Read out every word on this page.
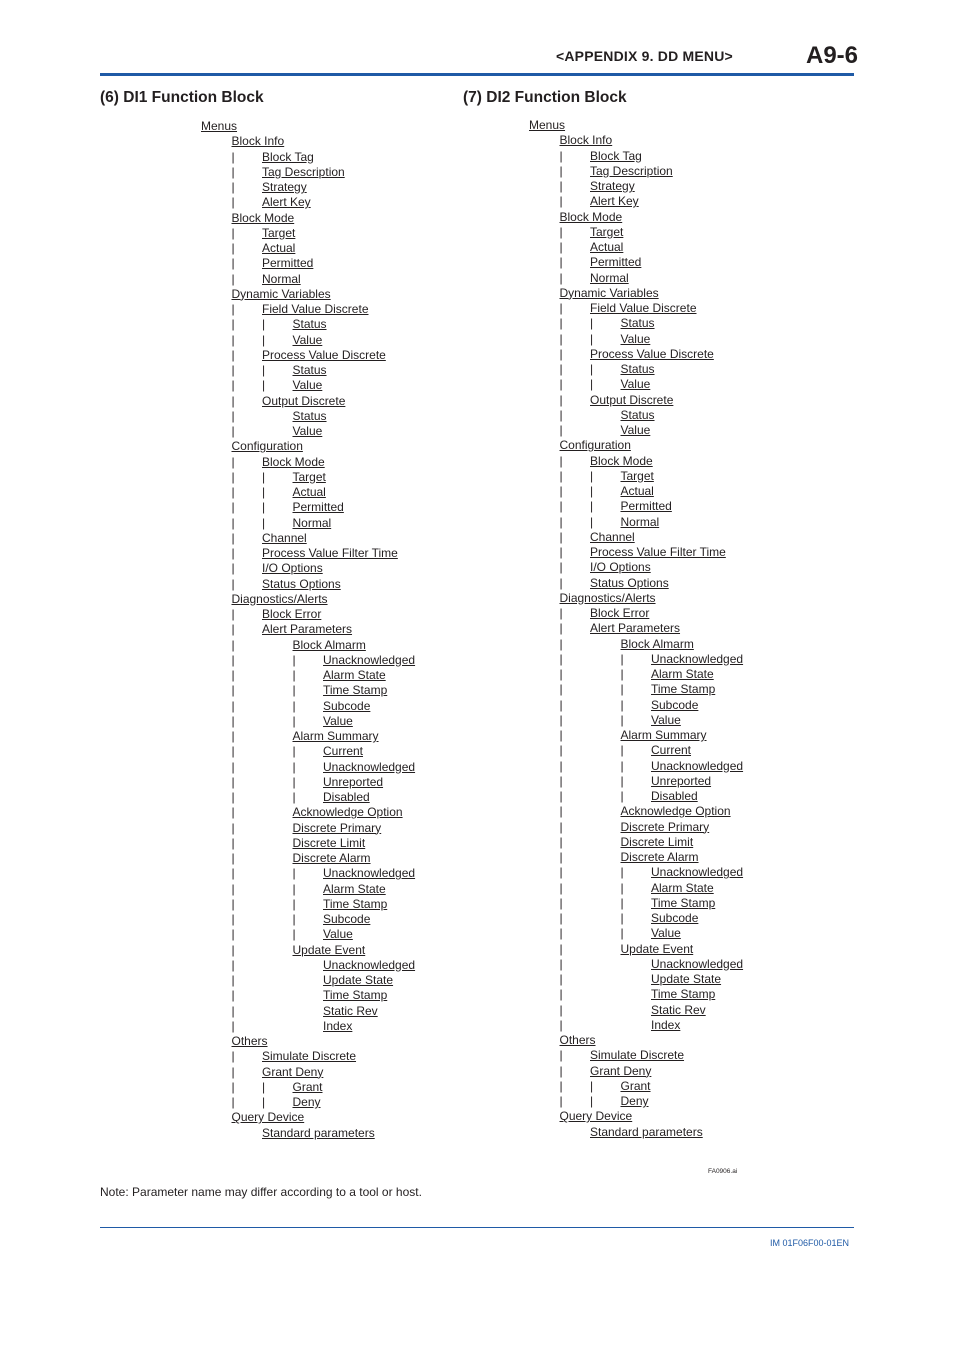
<APPENDIX 9. DD MENU>	A9-6
(6) DI1 Function Block	(7) DI2 Function Block
Menus
Block Info
| Block Tag
| Tag Description
| Strategy
| Alert Key
Block Mode
| Target
| Actual
| Permitted
| Normal
Dynamic Variables
| Field Value Discrete
| | Status
| | Value
| Process Value Discrete
| | Status
| | Value
| Output Discrete
|	Status
|	Value
Configuration
| Block Mode
| | Target
| | Actual
| | Permitted
| | Normal
| Channel
| Process Value Filter Time
| I/O Options
| Status Options
Diagnostics/Alerts
| Block Error
| Alert Parameters
|	Block Almarm
|	| Unacknowledged
|	| Alarm State
|	| Time Stamp
|	| Subcode
|	| Value
|	Alarm Summary
|	| Current
|	| Unacknowledged
|	| Unreported
|	| Disabled
|	Acknowledge Option
|	Discrete Primary
|	Discrete Limit
|	Discrete Alarm
|	| Unacknowledged
|	| Alarm State
|	| Time Stamp
|	| Subcode
|	| Value
|	Update Event
|	Unacknowledged
|	Update State
|	Time Stamp
|	Static Rev
|	Index
Others
| Simulate Discrete
| Grant Deny
| | Grant
| | Deny
Query Device
Standard parameters
Menus
Block Info
| Block Tag
| Tag Description
| Strategy
| Alert Key
Block Mode
| Target
| Actual
| Permitted
| Normal
Dynamic Variables
| Field Value Discrete
| | Status
| | Value
| Process Value Discrete
| | Status
| | Value
| Output Discrete
|	Status
|	Value
Configuration
| Block Mode
| | Target
| | Actual
| | Permitted
| | Normal
| Channel
| Process Value Filter Time
| I/O Options
| Status Options
Diagnostics/Alerts
| Block Error
| Alert Parameters
|	Block Almarm
|	| Unacknowledged
|	| Alarm State
|	| Time Stamp
|	| Subcode
|	| Value
|	Alarm Summary
|	| Current
|	| Unacknowledged
|	| Unreported
|	| Disabled
|	Acknowledge Option
|	Discrete Primary
|	Discrete Limit
|	Discrete Alarm
|	| Unacknowledged
|	| Alarm State
|	| Time Stamp
|	| Subcode
|	| Value
|	Update Event
|	Unacknowledged
|	Update State
|	Time Stamp
|	Static Rev
|	Index
Others
| Simulate Discrete
| Grant Deny
| | Grant
| | Deny
Query Device
Standard parameters
FA0906.ai
Note: Parameter name may differ according to a tool or host.
IM 01F06F00-01EN
